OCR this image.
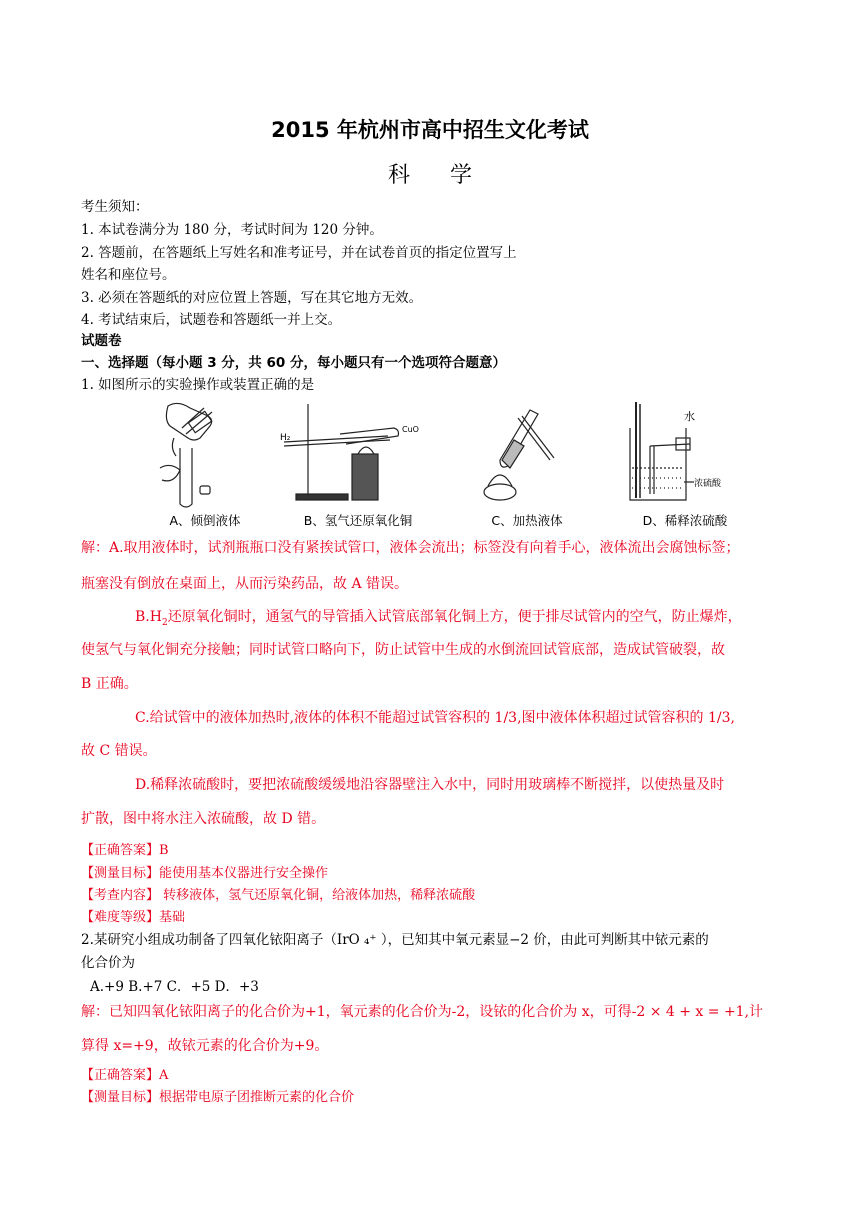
2015 年杭州市高中招生文化考试
科学
考生须知：
1. 本试卷满分为 180 分，考试时间为 120 分钟。
2. 答题前，在答题纸上写姓名和准考证号，并在试卷首页的指定位置写上
姓名和座位号。
3. 必须在答题纸的对应位置上答题，写在其它地方无效。
4. 考试结束后，试题卷和答题纸一并上交。
试题卷
一、选择题（每小题 3 分，共 60 分，每小题只有一个选项符合题意）
1. 如图所示的实验操作或装置正确的是
A、倾倒液体
H₂
CuO
B、氢气还原氧化铜	C、加热液体
水
浓硫酸
D、稀释浓硫酸
解：A.取用液体时，试剂瓶瓶口没有紧挨试管口，液体会流出；标签没有向着手心，液体流出会腐蚀标签；
瓶塞没有倒放在桌面上，从而污染药品，故 A 错误。
$B.H_2$还原氧化铜时，通氢气的导管插入试管底部氧化铜上方，便于排尽试管内的空气，防止爆炸，
使氢气与氧化铜充分接触；同时试管口略向下，防止试管中生成的水倒流回试管底部，造成试管破裂，故
B 正确。
C.给试管中的液体加热时,液体的体积不能超过试管容积的 1/3,图中液体体积超过试管容积的 1/3,
故 C 错误。
D.稀释浓硫酸时，要把浓硫酸缓缓地沿容器壁注入水中，同时用玻璃棒不断搅拌，以使热量及时
扩散，图中将水注入浓硫酸，故 D 错。
【正确答案】B
【测量目标】能使用基本仪器进行安全操作
【考查内容】 转移液体，氢气还原氧化铜，给液体加热，稀释浓硫酸
【难度等级】基础
2.某研究小组成功制备了四氧化铱阳离子（IrO ₄⁺ ），已知其中氧元素显−2 价，由此可判断其中铱元素的
化合价为
A.+9 B.+7 C．+5 D．+3
解：已知四氧化铱阳离子的化合价为+1，氧元素的化合价为-2，设铱的化合价为 x，可得-2 × 4 + x = +1,计
算得 x=+9，故铱元素的化合价为+9。
【正确答案】A
【测量目标】根据带电原子团推断元素的化合价
